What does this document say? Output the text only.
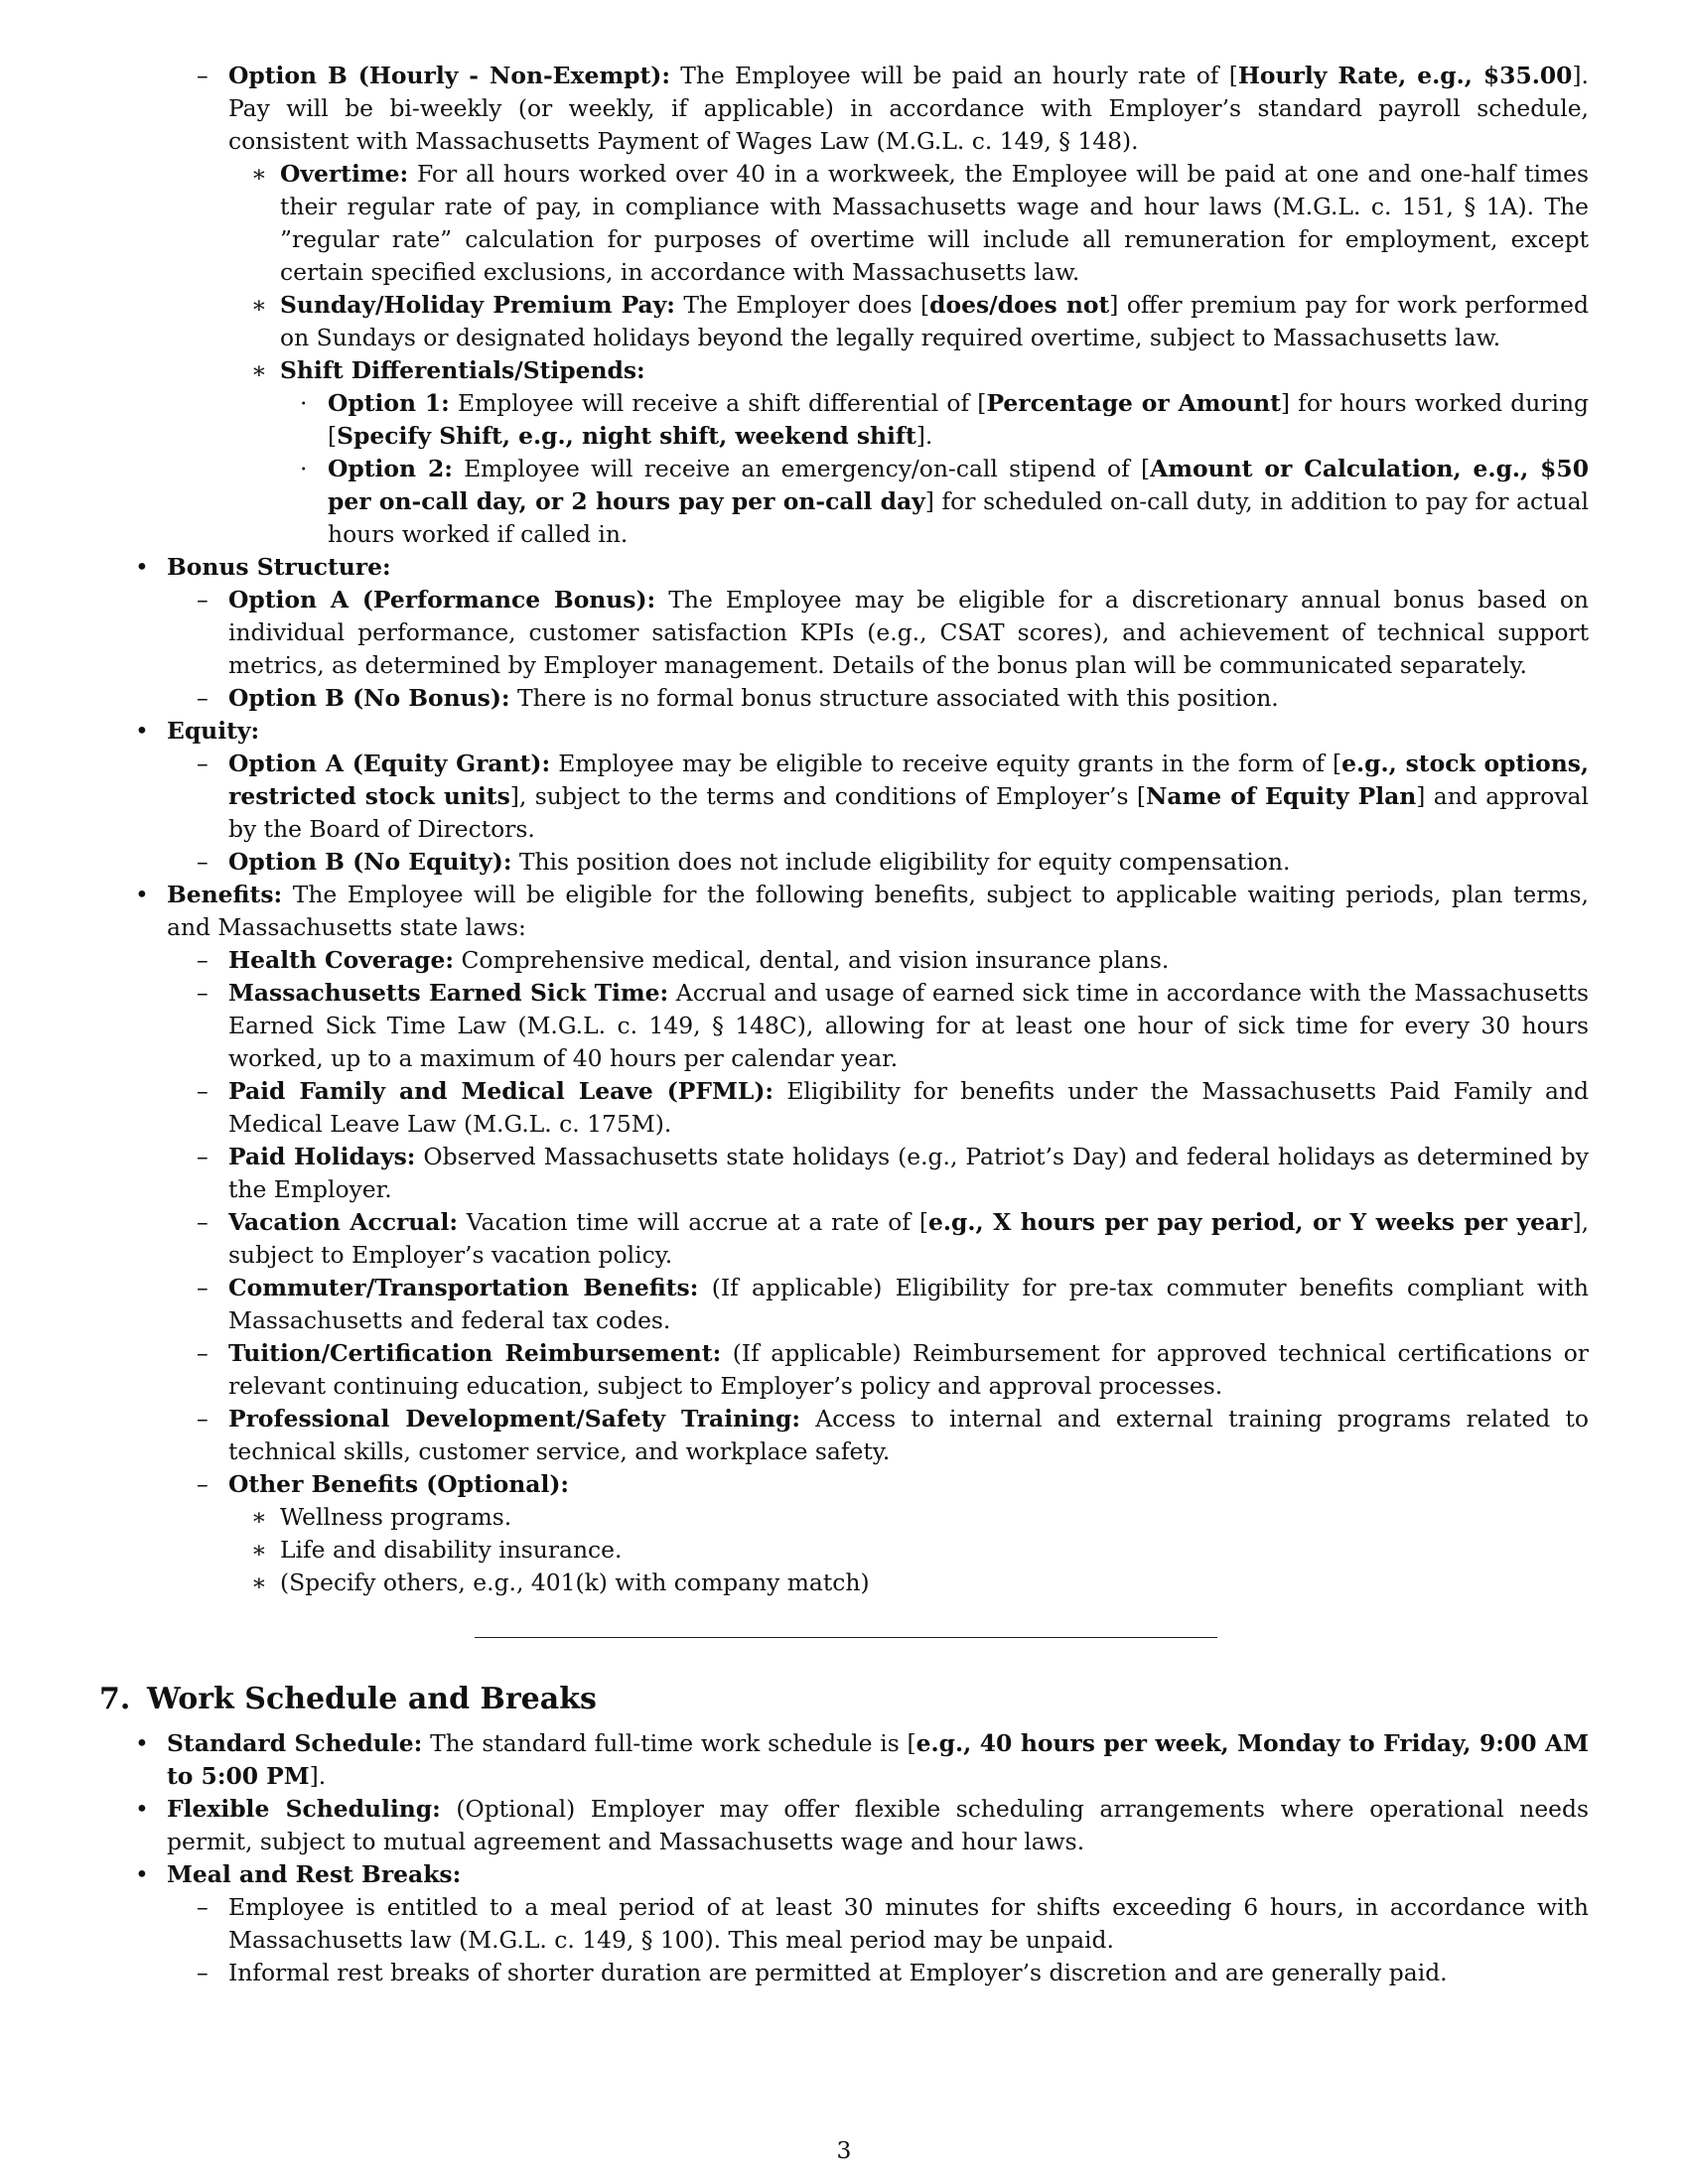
– Option B (Hourly - Non-Exempt): The Employee will be paid an hourly rate of [Hourly Rate, e.g., $35.00]. Pay will be bi-weekly (or weekly, if applicable) in accordance with Employer’s standard payroll schedule, consistent with Massachusetts Payment of Wages Law (M.G.L. c. 149, § 148).
∗ Overtime: For all hours worked over 40 in a workweek, the Employee will be paid at one and one-half times their regular rate of pay, in compliance with Massachusetts wage and hour laws (M.G.L. c. 151, § 1A). The ”regular rate” calculation for purposes of overtime will include all remuneration for employment, except certain specified exclusions, in accordance with Massachusetts law.
∗ Sunday/Holiday Premium Pay: The Employer does [does/does not] offer premium pay for work performed on Sundays or designated holidays beyond the legally required overtime, subject to Massachusetts law.
∗ Shift Differentials/Stipends:
· Option 1: Employee will receive a shift differential of [Percentage or Amount] for hours worked during [Specify Shift, e.g., night shift, weekend shift].
· Option 2: Employee will receive an emergency/on-call stipend of [Amount or Calculation, e.g., $50 per on-call day, or 2 hours pay per on-call day] for scheduled on-call duty, in addition to pay for actual hours worked if called in.
• Bonus Structure:
– Option A (Performance Bonus): The Employee may be eligible for a discretionary annual bonus based on individual performance, customer satisfaction KPIs (e.g., CSAT scores), and achievement of technical support metrics, as determined by Employer management. Details of the bonus plan will be communicated separately.
– Option B (No Bonus): There is no formal bonus structure associated with this position.
• Equity:
– Option A (Equity Grant): Employee may be eligible to receive equity grants in the form of [e.g., stock options, restricted stock units], subject to the terms and conditions of Employer’s [Name of Equity Plan] and approval by the Board of Directors.
– Option B (No Equity): This position does not include eligibility for equity compensation.
• Benefits: The Employee will be eligible for the following benefits, subject to applicable waiting periods, plan terms, and Massachusetts state laws:
– Health Coverage: Comprehensive medical, dental, and vision insurance plans.
– Massachusetts Earned Sick Time: Accrual and usage of earned sick time in accordance with the Massachusetts Earned Sick Time Law (M.G.L. c. 149, § 148C), allowing for at least one hour of sick time for every 30 hours worked, up to a maximum of 40 hours per calendar year.
– Paid Family and Medical Leave (PFML): Eligibility for benefits under the Massachusetts Paid Family and Medical Leave Law (M.G.L. c. 175M).
– Paid Holidays: Observed Massachusetts state holidays (e.g., Patriot’s Day) and federal holidays as determined by the Employer.
– Vacation Accrual: Vacation time will accrue at a rate of [e.g., X hours per pay period, or Y weeks per year], subject to Employer’s vacation policy.
– Commuter/Transportation Benefits: (If applicable) Eligibility for pre-tax commuter benefits compliant with Massachusetts and federal tax codes.
– Tuition/Certification Reimbursement: (If applicable) Reimbursement for approved technical certifications or relevant continuing education, subject to Employer’s policy and approval processes.
– Professional Development/Safety Training: Access to internal and external training programs related to technical skills, customer service, and workplace safety.
– Other Benefits (Optional):
∗ Wellness programs.
∗ Life and disability insurance.
∗ (Specify others, e.g., 401(k) with company match)
7. Work Schedule and Breaks
• Standard Schedule: The standard full-time work schedule is [e.g., 40 hours per week, Monday to Friday, 9:00 AM to 5:00 PM].
• Flexible Scheduling: (Optional) Employer may offer flexible scheduling arrangements where operational needs permit, subject to mutual agreement and Massachusetts wage and hour laws.
• Meal and Rest Breaks:
– Employee is entitled to a meal period of at least 30 minutes for shifts exceeding 6 hours, in accordance with Massachusetts law (M.G.L. c. 149, § 100). This meal period may be unpaid.
– Informal rest breaks of shorter duration are permitted at Employer’s discretion and are generally paid.
3
